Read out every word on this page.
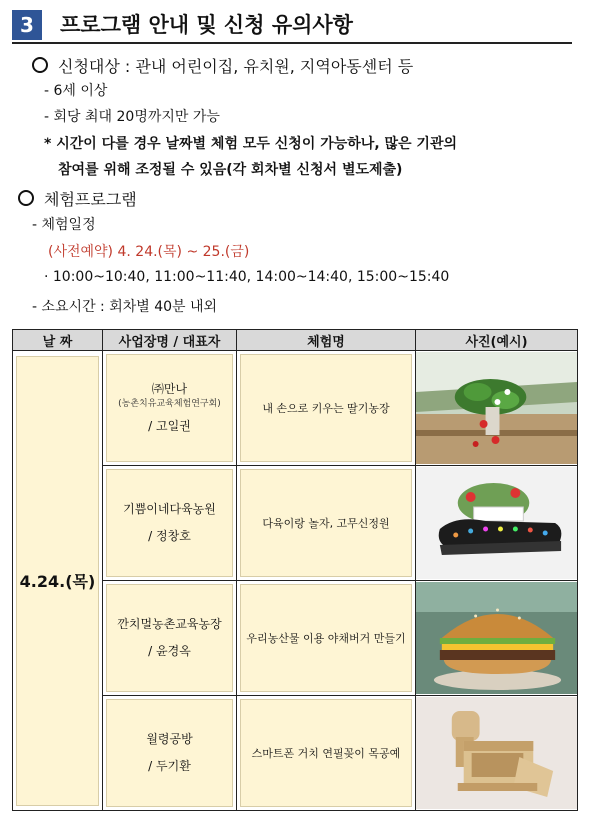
3	프로그램 안내 및 신청 유의사항
신청대상 : 관내 어린이집, 유치원, 지역아동센터 등
- 6세 이상
- 회당 최대 20명까지만 가능
* 시간이 다를 경우 날짜별 체험 모두 신청이 가능하나, 많은 기관의
참여를 위해 조정될 수 있음(각 회차별 신청서 별도제출)
체험프로그램
- 체험일정
(사전예약) 4. 24.(목) ~ 25.(금)
· 10:00~10:40, 11:00~11:40, 14:00~14:40, 15:00~15:40
- 소요시간 : 회차별 40분 내외
날 짜	사업장명 / 대표자	체험명	사진(예시)

4.24.(목)	㈜만나
(농촌치유교육체험연구회)
/ 고일권	내 손으로 키우는 딸기농장

	기쁨이네다육농원
/ 정창호	다육이랑 놀자, 고무신정원

	깐치멀농촌교육농장
/ 윤경옥	우리농산물 이용 야채버거 만들기

	월령공방
/ 두기환	스마트폰 거치 연필꽂이 목공예
